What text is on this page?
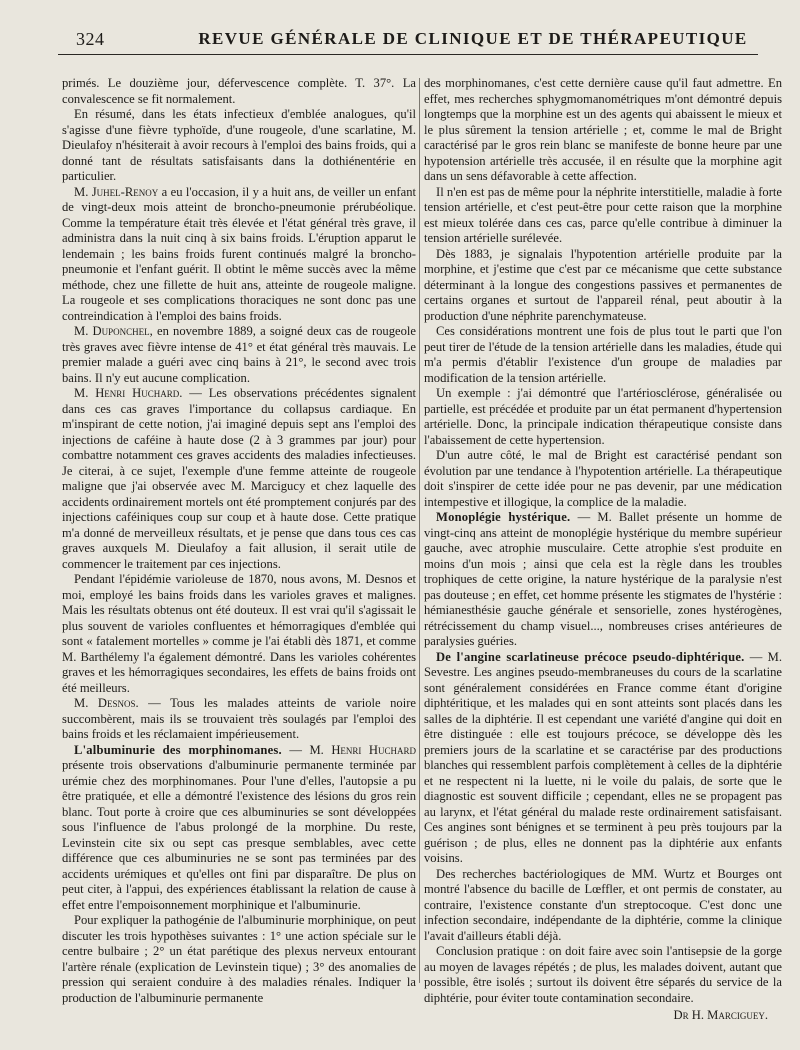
324	REVUE GÉNÉRALE DE CLINIQUE ET DE THÉRAPEUTIQUE

primés. Le douzième jour, défervescence complète. T. 37°. La convalescence se fit normalement.

En résumé, dans les états infectieux d'emblée analogues, qu'il s'agisse d'une fièvre typhoïde, d'une rougeole, d'une scarlatine, M. Dieulafoy n'hésiterait à avoir recours à l'emploi des bains froids, qui a donné tant de résultats satisfaisants dans la dothiénentérie en particulier.

M. Juhel-Renoy a eu l'occasion, il y a huit ans, de veiller un enfant de vingt-deux mois atteint de broncho-pneumonie prérubéolique. Comme la température était très élevée et l'état général très grave, il administra dans la nuit cinq à six bains froids. L'éruption apparut le lendemain ; les bains froids furent continués malgré la broncho-pneumonie et l'enfant guérit. Il obtint le même succès avec la même méthode, chez une fillette de huit ans, atteinte de rougeole maligne. La rougeole et ses complications thoraciques ne sont donc pas une contreindication à l'emploi des bains froids.

M. Duponchel, en novembre 1889, a soigné deux cas de rougeole très graves avec fièvre intense de 41° et état général très mauvais. Le premier malade a guéri avec cinq bains à 21°, le second avec trois bains. Il n'y eut aucune complication.

M. Henri Huchard. — Les observations précédentes signalent dans ces cas graves l'importance du collapsus cardiaque. En m'inspirant de cette notion, j'ai imaginé depuis sept ans l'emploi des injections de caféine à haute dose (2 à 3 grammes par jour) pour combattre notamment ces graves accidents des maladies infectieuses. Je citerai, à ce sujet, l'exemple d'une femme atteinte de rougeole maligne que j'ai observée avec M. Marcigucy et chez laquelle des accidents ordinairement mortels ont été promptement conjurés par des injections caféiniques coup sur coup et à haute dose. Cette pratique m'a donné de merveilleux résultats, et je pense que dans tous ces cas graves auxquels M. Dieulafoy a fait allusion, il serait utile de commencer le traitement par ces injections.

Pendant l'épidémie varioleuse de 1870, nous avons, M. Desnos et moi, employé les bains froids dans les varioles graves et malignes. Mais les résultats obtenus ont été douteux. Il est vrai qu'il s'agissait le plus souvent de varioles confluentes et hémorragiques d'emblée qui sont « fatalement mortelles » comme je l'ai établi dès 1871, et comme M. Barthélemy l'a également démontré. Dans les varioles cohérentes graves et les hémorragiques secondaires, les effets de bains froids ont été meilleurs.

M. Desnos. — Tous les malades atteints de variole noire succombèrent, mais ils se trouvaient très soulagés par l'emploi des bains froids et les réclamaient impérieusement.

L'albuminurie des morphinomanes. — M. Henri Huchard présente trois observations d'albuminurie permanente terminée par urémie chez des morphinomanes. Pour l'une d'elles, l'autopsie a pu être pratiquée, et elle a démontré l'existence des lésions du gros rein blanc. Tout porte à croire que ces albuminuries se sont développées sous l'influence de l'abus prolongé de la morphine. Du reste, Levinstein cite six ou sept cas presque semblables, avec cette différence que ces albuminuries ne se sont pas terminées par des accidents urémiques et qu'elles ont fini par disparaître. De plus on peut citer, à l'appui, des expériences établissant la relation de cause à effet entre l'empoisonnement morphinique et l'albuminurie.

Pour expliquer la pathogénie de l'albuminurie morphinique, on peut discuter les trois hypothèses suivantes : 1° une action spéciale sur le centre bulbaire ; 2° un état parétique des plexus nerveux entourant l'artère rénale (explication de Levinstein tique) ; 3° des anomalies de pression qui seraient conduire à des maladies rénales. Indiquer la production de l'albuminurie permanente

des morphinomanes, c'est cette dernière cause qu'il faut admettre. En effet, mes recherches sphygmomanométriques m'ont démontré depuis longtemps que la morphine est un des agents qui abaissent le mieux et le plus sûrement la tension artérielle ; et, comme le mal de Bright caractérisé par le gros rein blanc se manifeste de bonne heure par une hypotension artérielle très accusée, il en résulte que la morphine agit dans un sens défavorable à cette affection.

Il n'en est pas de même pour la néphrite interstitielle, maladie à forte tension artérielle, et c'est peut-être pour cette raison que la morphine est mieux tolérée dans ces cas, parce qu'elle contribue à diminuer la tension artérielle surélevée.

Dès 1883, je signalais l'hypotention artérielle produite par la morphine, et j'estime que c'est par ce mécanisme que cette substance déterminant à la longue des congestions passives et permanentes de certains organes et surtout de l'appareil rénal, peut aboutir à la production d'une néphrite parenchymateuse.

Ces considérations montrent une fois de plus tout le parti que l'on peut tirer de l'étude de la tension artérielle dans les maladies, étude qui m'a permis d'établir l'existence d'un groupe de maladies par modification de la tension artérielle.

Un exemple : j'ai démontré que l'artériosclérose, généralisée ou partielle, est précédée et produite par un état permanent d'hypertension artérielle. Donc, la principale indication thérapeutique consiste dans l'abaissement de cette hypertension.

D'un autre côté, le mal de Bright est caractérisé pendant son évolution par une tendance à l'hypotention artérielle. La thérapeutique doit s'inspirer de cette idée pour ne pas devenir, par une médication intempestive et illogique, la complice de la maladie.

Monoplégie hystérique. — M. Ballet présente un homme de vingt-cinq ans atteint de monoplégie hystérique du membre supérieur gauche, avec atrophie musculaire. Cette atrophie s'est produite en moins d'un mois ; ainsi que cela est la règle dans les troubles trophiques de cette origine, la nature hystérique de la paralysie n'est pas douteuse ; en effet, cet homme présente les stigmates de l'hystérie : hémianesthésie gauche générale et sensorielle, zones hystérogènes, rétrécissement du champ visuel..., nombreuses crises antérieures de paralysies guéries.

De l'angine scarlatineuse précoce pseudo-diphtérique. — M. Sevestre. Les angines pseudo-membraneuses du cours de la scarlatine sont généralement considérées en France comme étant d'origine diphtéritique, et les malades qui en sont atteints sont placés dans les salles de la diphtérie. Il est cependant une variété d'angine qui doit en être distinguée : elle est toujours précoce, se développe dès les premiers jours de la scarlatine et se caractérise par des productions blanches qui ressemblent parfois complètement à celles de la diphtérie et ne respectent ni la luette, ni le voile du palais, de sorte que le diagnostic est souvent difficile ; cependant, elles ne se propagent pas au larynx, et l'état général du malade reste ordinairement satisfaisant. Ces angines sont bénignes et se terminent à peu près toujours par la guérison ; de plus, elles ne donnent pas la diphtérie aux enfants voisins.

Des recherches bactériologiques de MM. Wurtz et Bourges ont montré l'absence du bacille de Lœffler, et ont permis de constater, au contraire, l'existence constante d'un streptocoque. C'est donc une infection secondaire, indépendante de la diphtérie, comme la clinique l'avait d'ailleurs établi déjà.

Conclusion pratique : on doit faire avec soin l'antisepsie de la gorge au moyen de lavages répétés ; de plus, les malades doivent, autant que possible, être isolés ; surtout ils doivent être séparés du service de la diphtérie, pour éviter toute contamination secondaire.

Dr H. Marciguey.
